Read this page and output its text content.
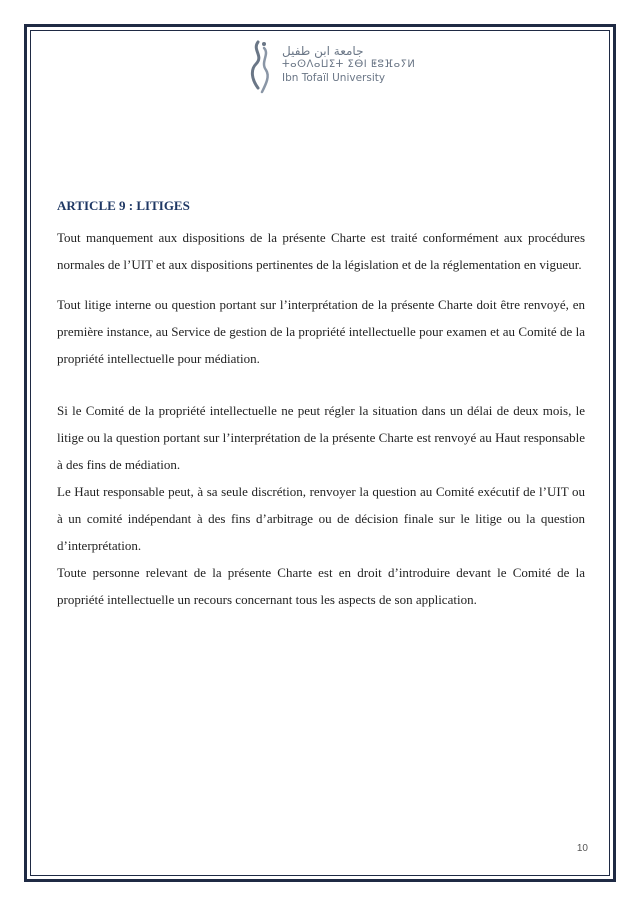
جامعة ابن طفيل
ⵜⴰⵙⴷⴰⵡⵉⵜ ⵉⴱⵏ ⵟⵓⴼⴰⵢⵍ
Ibn Tofaïl University
ARTICLE 9 : LITIGES

Tout manquement aux dispositions de la présente Charte est traité conformément aux procédures normales de l’UIT et aux dispositions pertinentes de la législation et de la réglementation en vigueur.

Tout litige interne ou question portant sur l’interprétation de la présente Charte doit être renvoyé, en première instance, au Service de gestion de la propriété intellectuelle pour examen et au Comité de la propriété intellectuelle pour médiation.

Si le Comité de la propriété intellectuelle ne peut régler la situation dans un délai de deux mois, le litige ou la question portant sur l’interprétation de la présente Charte est renvoyé au Haut responsable à des fins de médiation.

Le Haut responsable peut, à sa seule discrétion, renvoyer la question au Comité exécutif de l’UIT ou à un comité indépendant à des fins d’arbitrage ou de décision finale sur le litige ou la question d’interprétation.

Toute personne relevant de la présente Charte est en droit d’introduire devant le Comité de la propriété intellectuelle un recours concernant tous les aspects de son application.

10
